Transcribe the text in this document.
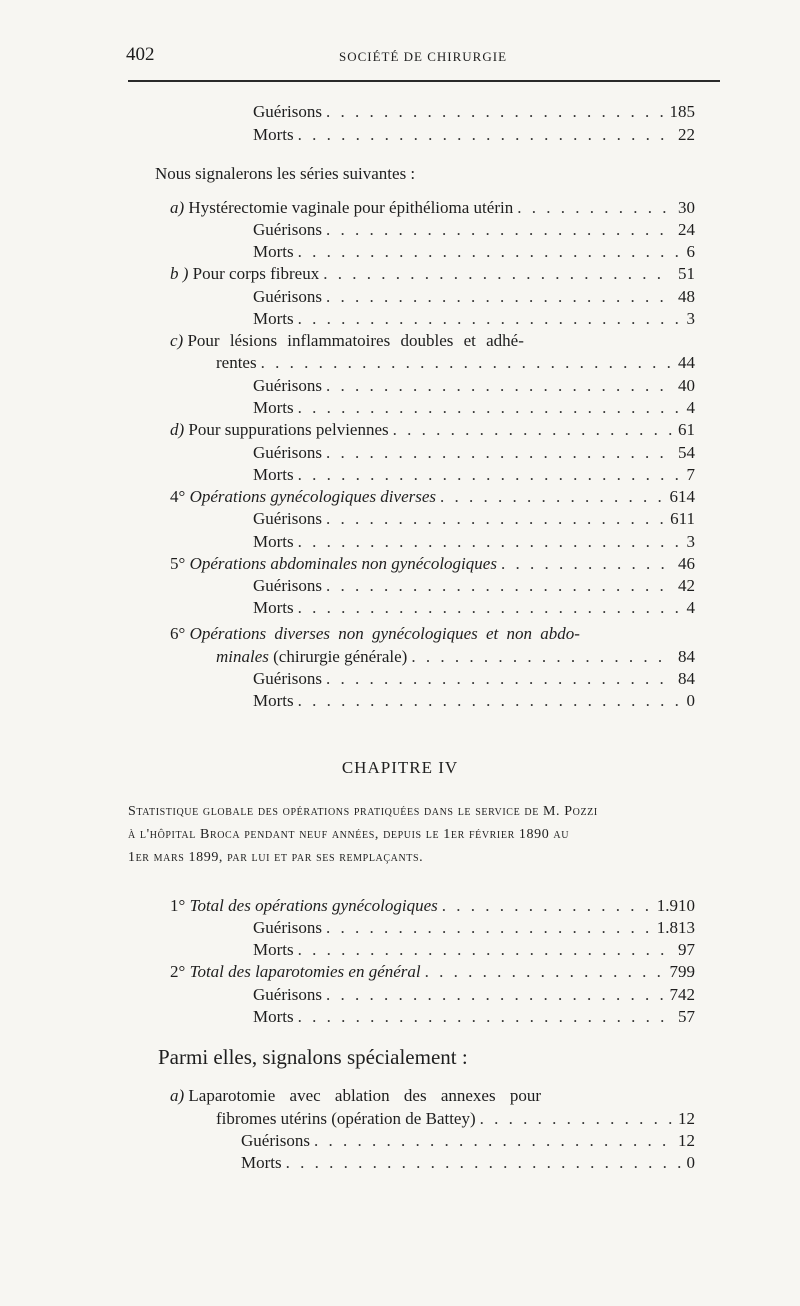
402	SOCIÉTÉ DE CHIRURGIE
Guérisons . . .	185
Morts . . .	22
Nous signalerons les séries suivantes :
a)
Hystérectomie vaginale pour épithélioma utérin . . .	30
Guérisons . . .	24
Morts . . .	6
b )
Pour corps fibreux . . .	51
Guérisons . . .	48
Morts . . .	3
c) Pour lésions inflammatoires doubles et adhé-
rentes . . .	44
Guérisons . . .	40
Morts . . .	4
d)
Pour suppurations pelviennes . . .	61
Guérisons . . .	54
Morts . . .	7
4°
Opérations gynécologiques diverses . . .	614
Guérisons . . .	611
Morts . . .	3
5°
Opérations abdominales non gynécologiques . . .	46
Guérisons . . .	42
Morts . . .	4
6° Opérations diverses non gynécologiques et non abdo-
minales (chirurgie générale) . . .	84
Guérisons . . .	84
Morts . . .	0
CHAPITRE IV
Statistique globale des opérations pratiquées dans le service de M. Pozzi
à l'hôpital Broca pendant neuf années, depuis le 1er février 1890 au
1er mars 1899, par lui et par ses remplaçants.
1°
Total des opérations gynécologiques . . .	1.910
Guérisons . . .	1.813
Morts . . .	97
2°
Total des laparotomies en général . . .	799
Guérisons . . .	742
Morts . . .	57
Parmi elles, signalons spécialement :
a) Laparotomie avec ablation des annexes pour
fibromes utérins (opération de Battey) . . .	12
Guérisons . . .	12
Morts . . .	0
